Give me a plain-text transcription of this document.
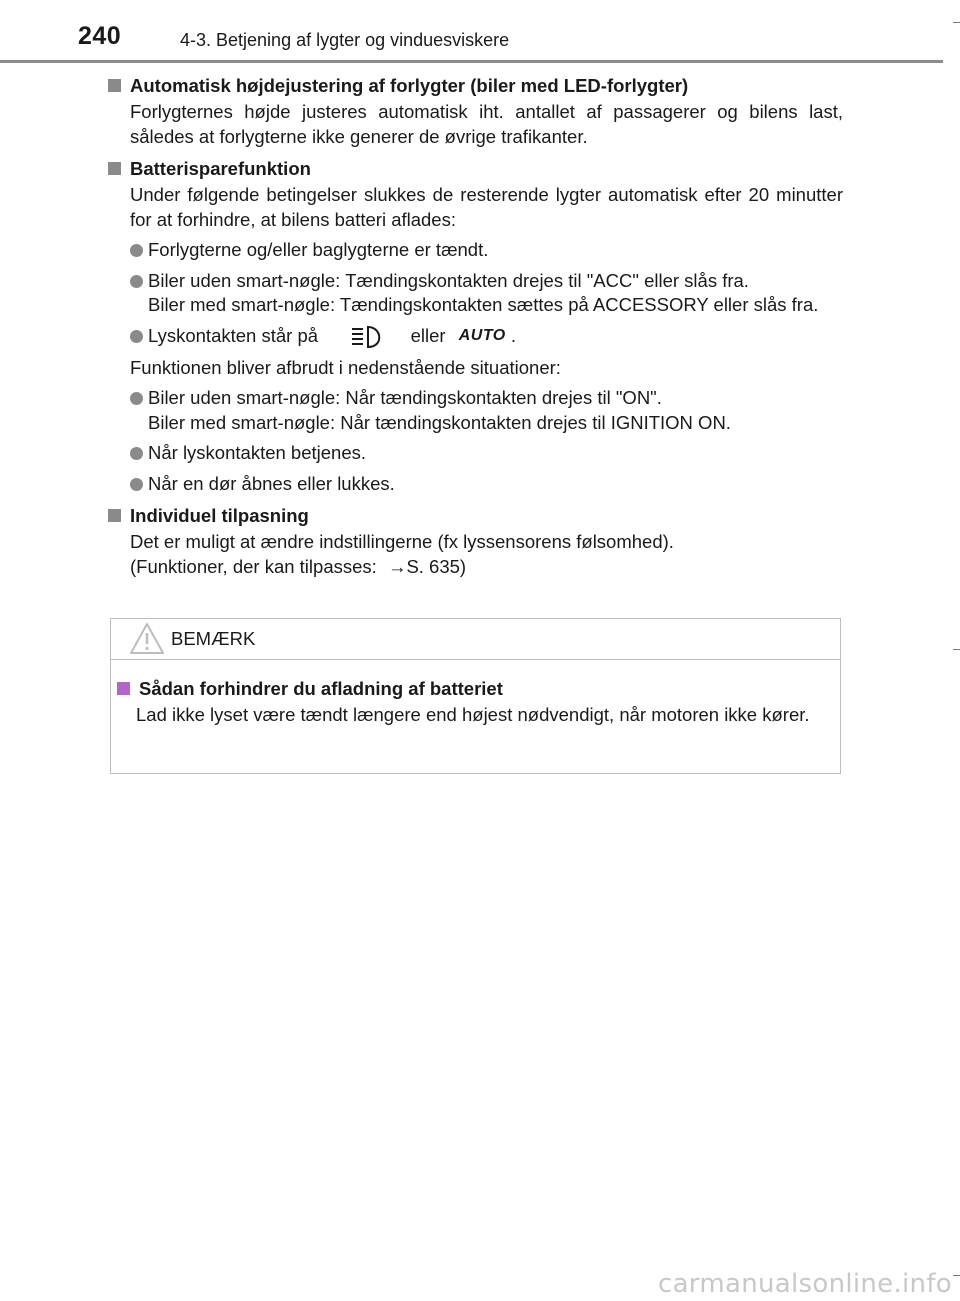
240	4-3. Betjening af lygter og vinduesviskere
Automatisk højdejustering af forlygter (biler med LED-forlygter)
Forlygternes højde justeres automatisk iht. antallet af passagerer og bilens last, således at forlygterne ikke generer de øvrige trafikanter.
Batterisparefunktion
Under følgende betingelser slukkes de resterende lygter automatisk efter 20 minutter for at forhindre, at bilens batteri aflades:
Forlygterne og/eller baglygterne er tændt.
Biler uden smart-nøgle: Tændingskontakten drejes til "ACC" eller slås fra.
Biler med smart-nøgle: Tændingskontakten sættes på ACCESSORY eller slås fra.
Lyskontakten står på	eller AUTO .
Funktionen bliver afbrudt i nedenstående situationer:
Biler uden smart-nøgle: Når tændingskontakten drejes til "ON".
Biler med smart-nøgle: Når tændingskontakten drejes til IGNITION ON.
Når lyskontakten betjenes.
Når en dør åbnes eller lukkes.
Individuel tilpasning
Det er muligt at ændre indstillingerne (fx lyssensorens følsomhed).
(Funktioner, der kan tilpasses: →S. 635)
BEMÆRK
Sådan forhindrer du afladning af batteriet
Lad ikke lyset være tændt længere end højest nødvendigt, når motoren ikke kører.
carmanualsonline.info
